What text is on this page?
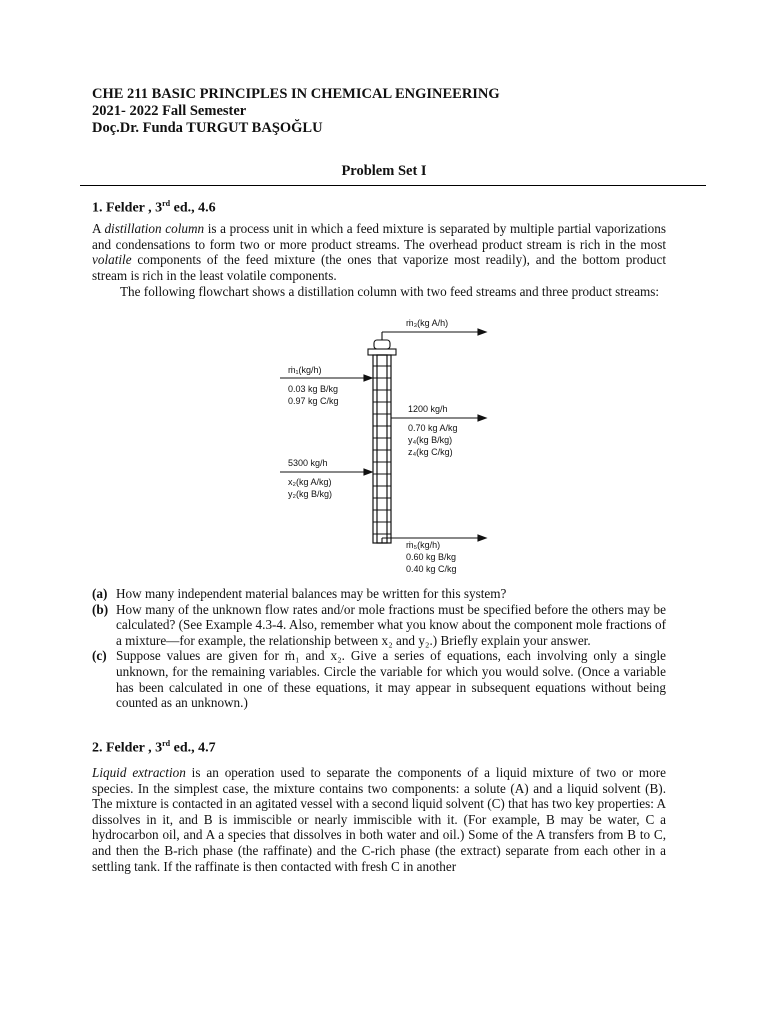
CHE 211 BASIC PRINCIPLES IN CHEMICAL ENGINEERING
2021- 2022 Fall Semester
Doç.Dr. Funda TURGUT BAŞOĞLU
Problem Set I
1. Felder , 3rd ed., 4.6
A distillation column is a process unit in which a feed mixture is separated by multiple partial vaporizations and condensations to form two or more product streams. The overhead product stream is rich in the most volatile components of the feed mixture (the ones that vaporize most readily), and the bottom product stream is rich in the least volatile components.
The following flowchart shows a distillation column with two feed streams and three product streams:
ṁ₃(kg A/h)
ṁ₁(kg/h)
0.03 kg B/kg
0.97 kg C/kg
1200 kg/h
0.70 kg A/kg
y₄(kg B/kg)
z₄(kg C/kg)
5300 kg/h
x₂(kg A/kg)
y₂(kg B/kg)
ṁ₅(kg/h)
0.60 kg B/kg
0.40 kg C/kg
(a) How many independent material balances may be written for this system?
(b) How many of the unknown flow rates and/or mole fractions must be specified before the others may be calculated? (See Example 4.3-4. Also, remember what you know about the component mole fractions of a mixture—for example, the relationship between x₂ and y₂.) Briefly explain your answer.
(c) Suppose values are given for ṁ₁ and x₂. Give a series of equations, each involving only a single unknown, for the remaining variables. Circle the variable for which you would solve. (Once a variable has been calculated in one of these equations, it may appear in subsequent equations without being counted as an unknown.)
2. Felder , 3rd ed., 4.7
Liquid extraction is an operation used to separate the components of a liquid mixture of two or more species. In the simplest case, the mixture contains two components: a solute (A) and a liquid solvent (B). The mixture is contacted in an agitated vessel with a second liquid solvent (C) that has two key properties: A dissolves in it, and B is immiscible or nearly immiscible with it. (For example, B may be water, C a hydrocarbon oil, and A a species that dissolves in both water and oil.) Some of the A transfers from B to C, and then the B-rich phase (the raffinate) and the C-rich phase (the extract) separate from each other in a settling tank. If the raffinate is then contacted with fresh C in another
